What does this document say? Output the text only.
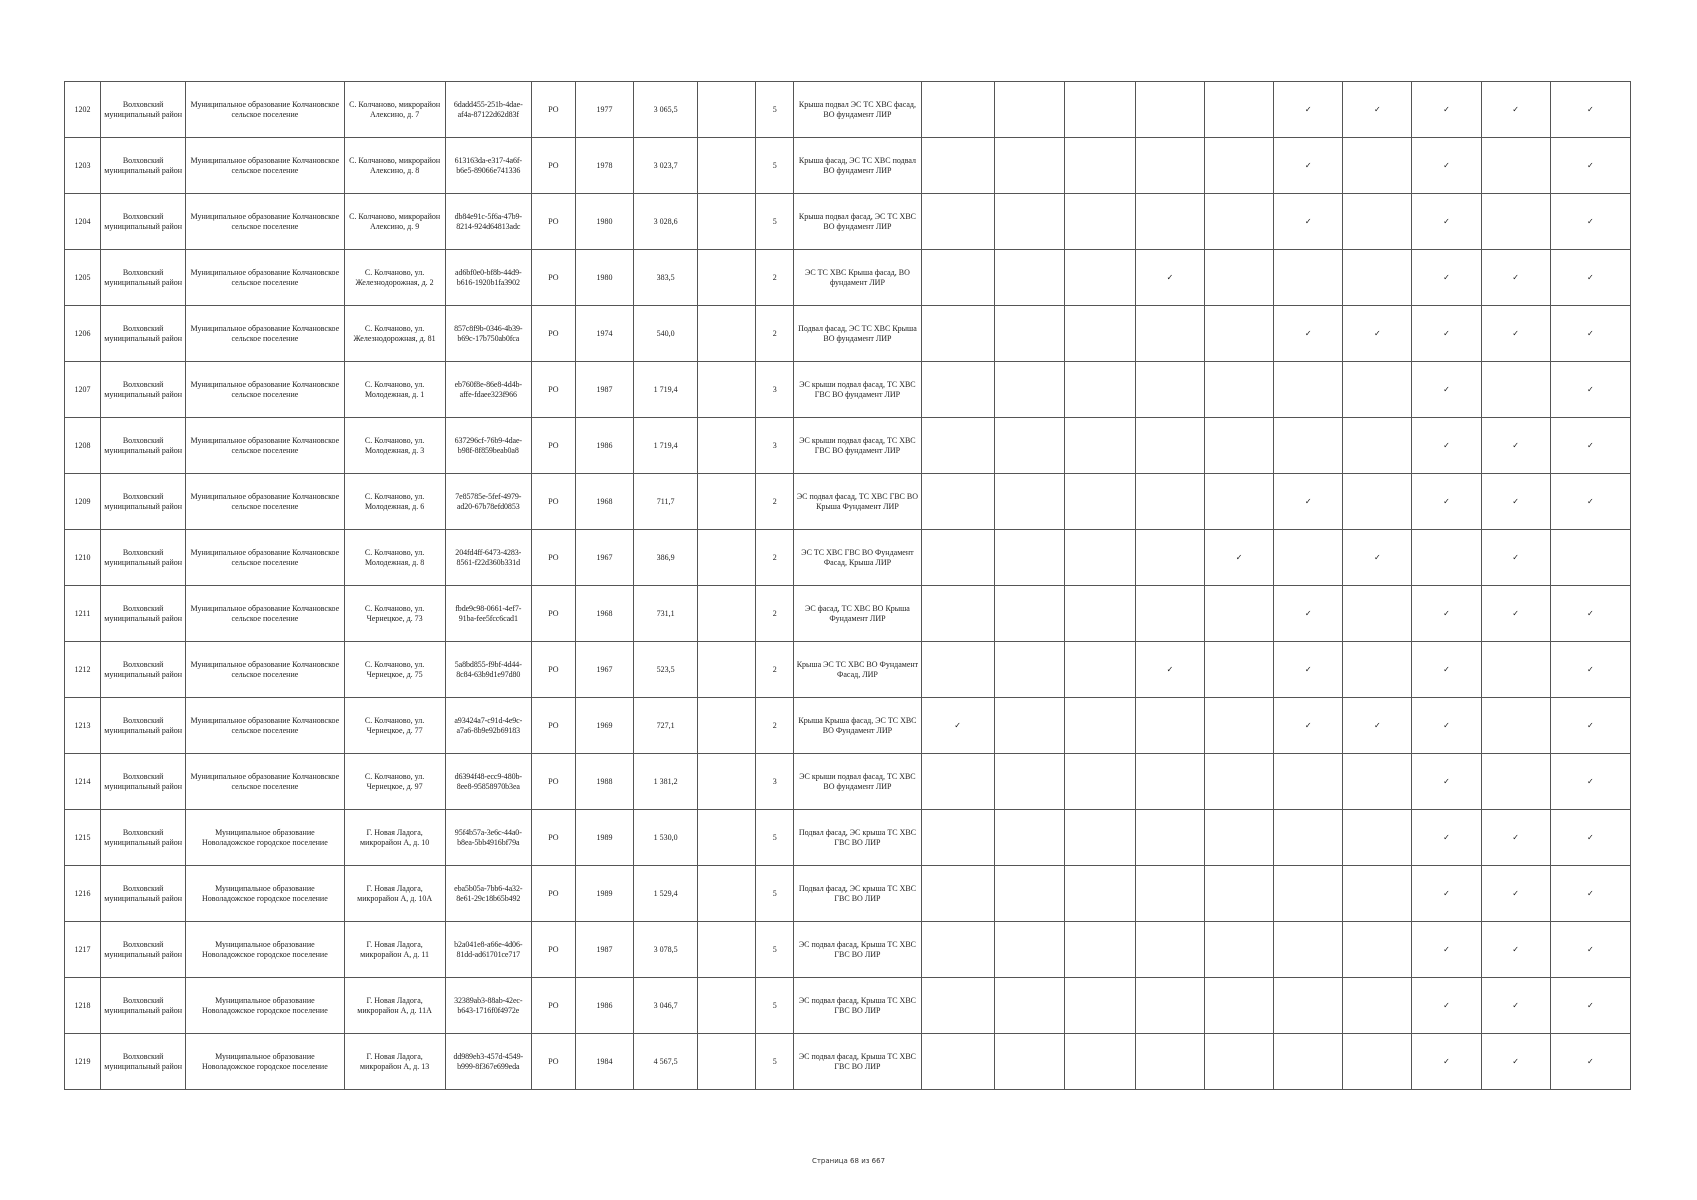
1202	Волховский муниципальный район	Муниципальное образование Колчановское сельское поселение	С. Колчаново, микрорайон Алексино, д. 7	6dadd455-251b-4dae-af4a-87122d62d83f	РО	1977	3 065,5		5	Крыша подвал ЭС ТС ХВС фасад, ВО фундамент ЛИР						✓	✓	✓	✓	✓
1203	Волховский муниципальный район	Муниципальное образование Колчановское сельское поселение	С. Колчаново, микрорайон Алексино, д. 8	613163da-e317-4a6f-b6e5-89066e741336	РО	1978	3 023,7		5	Крыша фасад, ЭС ТС ХВС подвал ВО фундамент ЛИР						✓		✓		✓
1204	Волховский муниципальный район	Муниципальное образование Колчановское сельское поселение	С. Колчаново, микрорайон Алексино, д. 9	db84e91c-5f6a-47b9-8214-924d64813adc	РО	1980	3 028,6		5	Крыша подвал фасад, ЭС ТС ХВС ВО фундамент ЛИР						✓		✓		✓
1205	Волховский муниципальный район	Муниципальное образование Колчановское сельское поселение	С. Колчаново, ул. Железнодорожная, д. 2	ad6bf0e0-bf8b-44d9-b616-1920b1fa3902	РО	1980	383,5		2	ЭС ТС ХВС Крыша фасад, ВО фундамент ЛИР				✓				✓	✓	✓
1206	Волховский муниципальный район	Муниципальное образование Колчановское сельское поселение	С. Колчаново, ул. Железнодорожная, д. 81	857c8f9b-0346-4b39-b69c-17b750ab0fca	РО	1974	540,0		2	Подвал фасад, ЭС ТС ХВС Крыша ВО фундамент ЛИР						✓	✓	✓	✓	✓
1207	Волховский муниципальный район	Муниципальное образование Колчановское сельское поселение	С. Колчаново, ул. Молодежная, д. 1	eb760f8e-86e8-4d4b-affe-fdaee323f966	РО	1987	1 719,4		3	ЭС крыши подвал фасад, ТС ХВС ГВС ВО фундамент ЛИР								✓		✓
1208	Волховский муниципальный район	Муниципальное образование Колчановское сельское поселение	С. Колчаново, ул. Молодежная, д. 3	637296cf-76b9-4dae-b98f-8f859beab0a8	РО	1986	1 719,4		3	ЭС крыши подвал фасад, ТС ХВС ГВС ВО фундамент ЛИР								✓	✓	✓
1209	Волховский муниципальный район	Муниципальное образование Колчановское сельское поселение	С. Колчаново, ул. Молодежная, д. 6	7e85785e-5fef-4979-ad20-67b78efd0853	РО	1968	711,7		2	ЭС подвал фасад, ТС ХВС ГВС ВО Крыша Фундамент ЛИР						✓		✓	✓	✓
1210	Волховский муниципальный район	Муниципальное образование Колчановское сельское поселение	С. Колчаново, ул. Молодежная, д. 8	204fd4ff-6473-4283-8561-f22d360b331d	РО	1967	386,9		2	ЭС ТС ХВС ГВС ВО Фундамент Фасад, Крыша ЛИР					✓		✓		✓	
1211	Волховский муниципальный район	Муниципальное образование Колчановское сельское поселение	С. Колчаново, ул. Чернецкое, д. 73	fbde9c98-0661-4ef7-91ba-fee5fcc6cad1	РО	1968	731,1		2	ЭС фасад, ТС ХВС ВО Крыша Фундамент ЛИР						✓		✓	✓	✓
1212	Волховский муниципальный район	Муниципальное образование Колчановское сельское поселение	С. Колчаново, ул. Чернецкое, д. 75	5a8bd855-f9bf-4d44-8c84-63b9d1e97d80	РО	1967	523,5		2	Крыша ЭС ТС ХВС ВО Фундамент Фасад, ЛИР				✓		✓		✓		✓
1213	Волховский муниципальный район	Муниципальное образование Колчановское сельское поселение	С. Колчаново, ул. Чернецкое, д. 77	a93424a7-c91d-4e9c-a7a6-8b9e92b69183	РО	1969	727,1		2	Крыша Крыша фасад, ЭС ТС ХВС ВО Фундамент ЛИР	✓					✓	✓	✓		✓
1214	Волховский муниципальный район	Муниципальное образование Колчановское сельское поселение	С. Колчаново, ул. Чернецкое, д. 97	d6394f48-ecc9-480b-8ee8-95858970b3ea	РО	1988	1 381,2		3	ЭС крыши подвал фасад, ТС ХВС ВО фундамент ЛИР								✓		✓
1215	Волховский муниципальный район	Муниципальное образование Новоладожское городское поселение	Г. Новая Ладога, микрорайон А, д. 10	95f4b57a-3e6c-44a0-b8ea-5bb4916bf79a	РО	1989	1 530,0		5	Подвал фасад, ЭС крыша ТС ХВС ГВС ВО ЛИР								✓	✓	✓
1216	Волховский муниципальный район	Муниципальное образование Новоладожское городское поселение	Г. Новая Ладога, микрорайон А, д. 10А	eba5b05a-7bb6-4a32-8e61-29c18b65b492	РО	1989	1 529,4		5	Подвал фасад, ЭС крыша ТС ХВС ГВС ВО ЛИР								✓	✓	✓
1217	Волховский муниципальный район	Муниципальное образование Новоладожское городское поселение	Г. Новая Ладога, микрорайон А, д. 11	b2a041e8-a66e-4d06-81dd-ad61701ce717	РО	1987	3 078,5		5	ЭС подвал фасад, Крыша ТС ХВС ГВС ВО ЛИР								✓	✓	✓
1218	Волховский муниципальный район	Муниципальное образование Новоладожское городское поселение	Г. Новая Ладога, микрорайон А, д. 11А	32389ab3-88ab-42ec-b643-1716f0f4972e	РО	1986	3 046,7		5	ЭС подвал фасад, Крыша ТС ХВС ГВС ВО ЛИР								✓	✓	✓
1219	Волховский муниципальный район	Муниципальное образование Новоладожское городское поселение	Г. Новая Ладога, микрорайон А, д. 13	dd989eb3-457d-4549-b999-8f367e699eda	РО	1984	4 567,5		5	ЭС подвал фасад, Крыша ТС ХВС ГВС ВО ЛИР								✓	✓	✓
Страница 68 из 667
